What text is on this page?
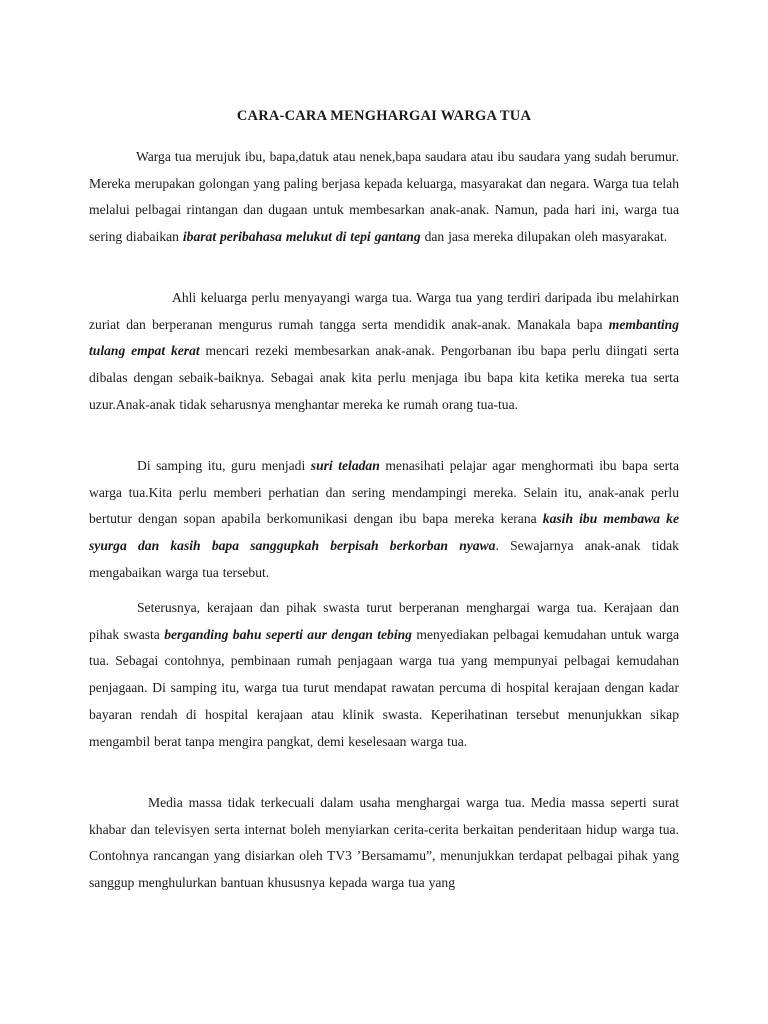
CARA-CARA MENGHARGAI WARGA TUA

Warga tua merujuk ibu, bapa,datuk atau nenek,bapa saudara atau ibu saudara yang sudah berumur. Mereka merupakan golongan yang paling berjasa kepada keluarga, masyarakat dan negara. Warga tua telah melalui pelbagai rintangan dan dugaan untuk membesarkan anak-anak. Namun, pada hari ini, warga tua sering diabaikan ibarat peribahasa melukut di tepi gantang dan jasa mereka dilupakan oleh masyarakat.

Ahli keluarga perlu menyayangi warga tua. Warga tua yang terdiri daripada ibu melahirkan zuriat dan berperanan mengurus rumah tangga serta mendidik anak-anak. Manakala bapa membanting tulang empat kerat mencari rezeki membesarkan anak-anak. Pengorbanan ibu bapa perlu diingati serta dibalas dengan sebaik-baiknya. Sebagai anak kita perlu menjaga ibu bapa kita ketika mereka tua serta uzur.Anak-anak tidak seharusnya menghantar mereka ke rumah orang tua-tua.

Di samping itu, guru menjadi suri teladan menasihati pelajar agar menghormati ibu bapa serta warga tua.Kita perlu memberi perhatian dan sering mendampingi mereka. Selain itu, anak-anak perlu bertutur dengan sopan apabila berkomunikasi dengan ibu bapa mereka kerana kasih ibu membawa ke syurga dan kasih bapa sanggupkah berpisah berkorban nyawa. Sewajarnya anak-anak tidak mengabaikan warga tua tersebut.

Seterusnya, kerajaan dan pihak swasta turut berperanan menghargai warga tua. Kerajaan dan pihak swasta berganding bahu seperti aur dengan tebing menyediakan pelbagai kemudahan untuk warga tua. Sebagai contohnya, pembinaan rumah penjagaan warga tua yang mempunyai pelbagai kemudahan penjagaan. Di samping itu, warga tua turut mendapat rawatan percuma di hospital kerajaan dengan kadar bayaran rendah di hospital kerajaan atau klinik swasta. Keperihatinan tersebut menunjukkan sikap mengambil berat tanpa mengira pangkat, demi keselesaan warga tua.

Media massa tidak terkecuali dalam usaha menghargai warga tua. Media massa seperti surat khabar dan televisyen serta internat boleh menyiarkan cerita-cerita berkaitan penderitaan hidup warga tua. Contohnya rancangan yang disiarkan oleh TV3 ’Bersamamu”, menunjukkan terdapat pelbagai pihak yang sanggup menghulurkan bantuan khususnya kepada warga tua yang
